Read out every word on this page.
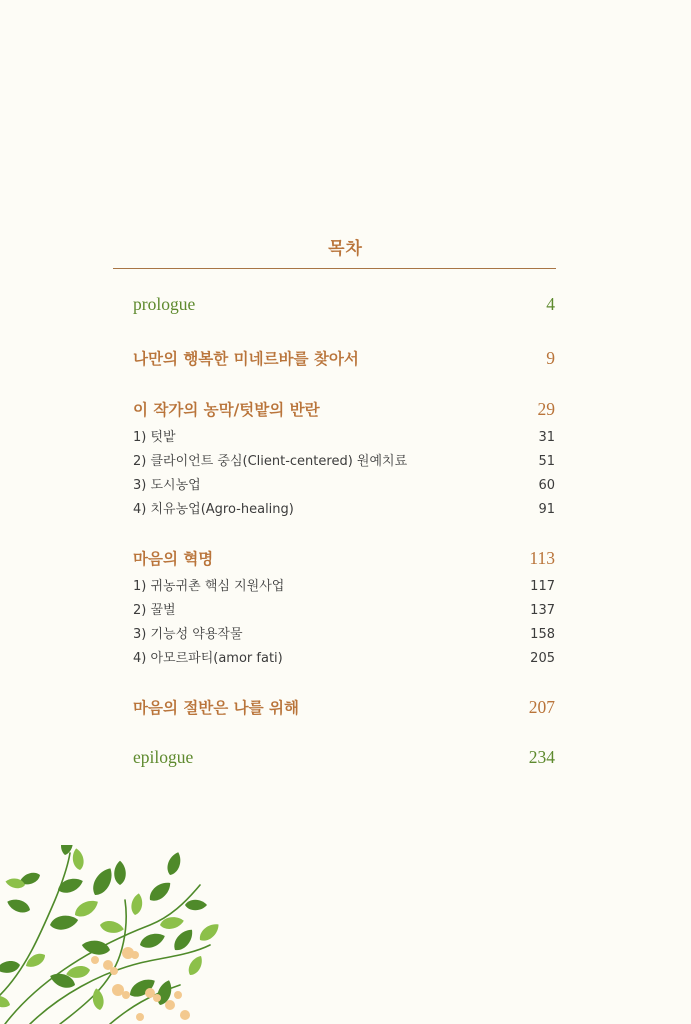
목차
prologue	4
나만의 행복한 미네르바를 찾아서	9
이 작가의 농막/텃밭의 반란	29
1) 텃밭	31
2) 클라이언트 중심(Client-centered) 원예치료	51
3) 도시농업	60
4) 치유농업(Agro-healing)	91
마음의 혁명	113
1) 귀농귀촌 핵심 지원사업	117
2) 꿀벌	137
3) 기능성 약용작물	158
4) 아모르파티(amor fati)	205
마음의 절반은 나를 위해	207
epilogue	234
